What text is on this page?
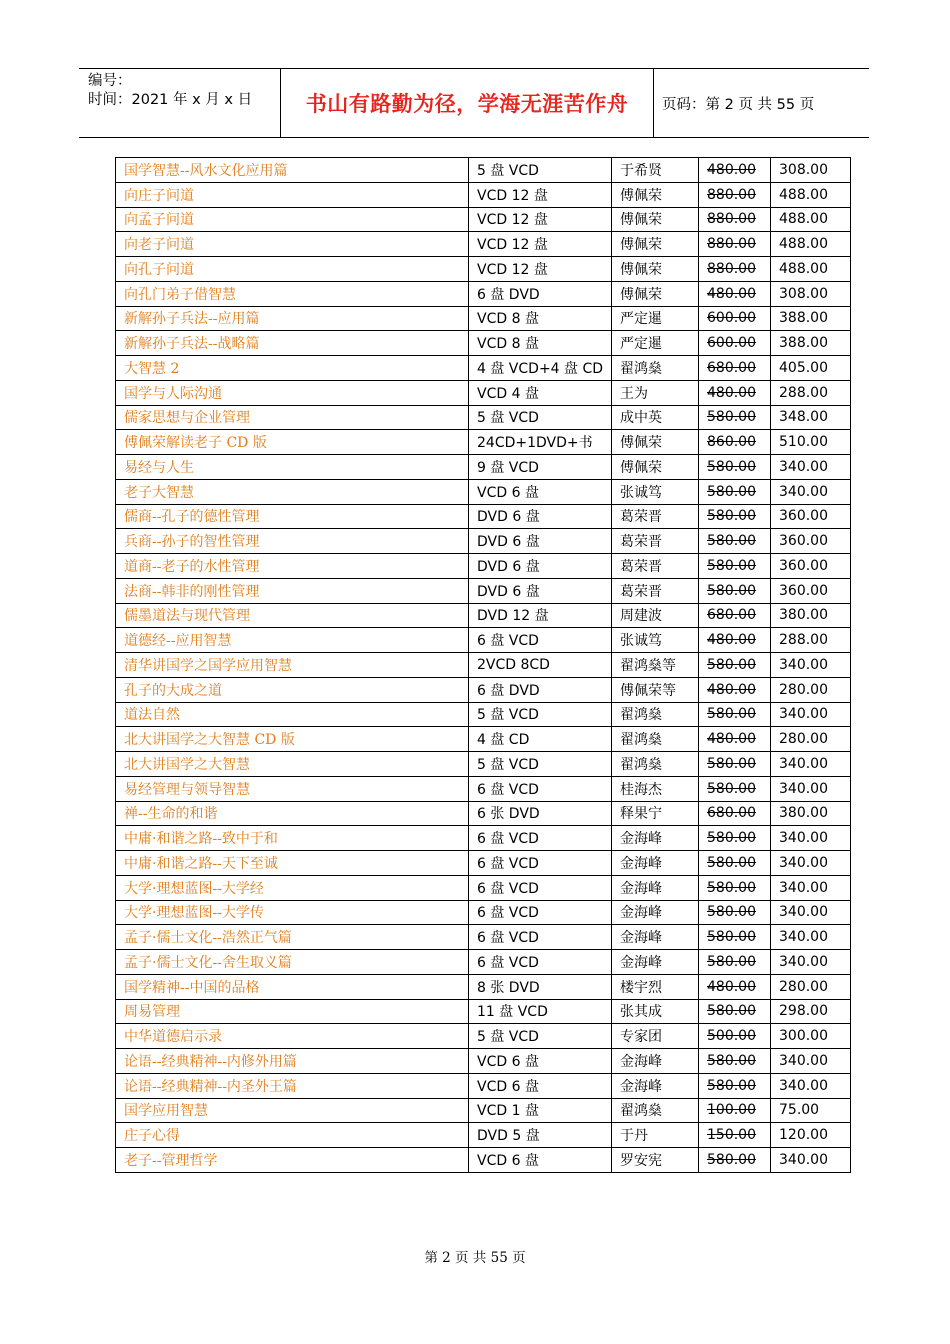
编号：
时间：2021 年 x 月 x 日	书山有路勤为径，学海无涯苦作舟	页码：第 2 页 共 55 页
国学智慧--风水文化应用篇	5 盘 VCD	于希贤	480.00	308.00
向庄子问道	VCD 12 盘	傅佩荣	880.00	488.00
向孟子问道	VCD 12 盘	傅佩荣	880.00	488.00
向老子问道	VCD 12 盘	傅佩荣	880.00	488.00
向孔子问道	VCD 12 盘	傅佩荣	880.00	488.00
向孔门弟子借智慧	6 盘 DVD	傅佩荣	480.00	308.00
新解孙子兵法--应用篇	VCD 8 盘	严定暹	600.00	388.00
新解孙子兵法--战略篇	VCD 8 盘	严定暹	600.00	388.00
大智慧 2	4 盘 VCD+4 盘 CD	翟鸿燊	680.00	405.00
国学与人际沟通	VCD 4 盘	王为	480.00	288.00
儒家思想与企业管理	5 盘 VCD	成中英	580.00	348.00
傅佩荣解读老子 CD 版	24CD+1DVD+书	傅佩荣	860.00	510.00
易经与人生	9 盘 VCD	傅佩荣	580.00	340.00
老子大智慧	VCD 6 盘	张诚笃	580.00	340.00
儒商--孔子的德性管理	DVD 6 盘	葛荣晋	580.00	360.00
兵商--孙子的智性管理	DVD 6 盘	葛荣晋	580.00	360.00
道商--老子的水性管理	DVD 6 盘	葛荣晋	580.00	360.00
法商--韩非的刚性管理	DVD 6 盘	葛荣晋	580.00	360.00
儒墨道法与现代管理	DVD 12 盘	周建波	680.00	380.00
道德经--应用智慧	6 盘 VCD	张诚笃	480.00	288.00
清华讲国学之国学应用智慧	2VCD 8CD	翟鸿燊等	580.00	340.00
孔子的大成之道	6 盘 DVD	傅佩荣等	480.00	280.00
道法自然	5 盘 VCD	翟鸿燊	580.00	340.00
北大讲国学之大智慧 CD 版	4 盘 CD	翟鸿燊	480.00	280.00
北大讲国学之大智慧	5 盘 VCD	翟鸿燊	580.00	340.00
易经管理与领导智慧	6 盘 VCD	桂海杰	580.00	340.00
禅--生命的和谐	6 张 DVD	释果宁	680.00	380.00
中庸·和谐之路--致中于和	6 盘 VCD	金海峰	580.00	340.00
中庸·和谐之路--天下至诚	6 盘 VCD	金海峰	580.00	340.00
大学·理想蓝图--大学经	6 盘 VCD	金海峰	580.00	340.00
大学·理想蓝图--大学传	6 盘 VCD	金海峰	580.00	340.00
孟子·儒士文化--浩然正气篇	6 盘 VCD	金海峰	580.00	340.00
孟子·儒士文化--舍生取义篇	6 盘 VCD	金海峰	580.00	340.00
国学精神--中国的品格	8 张 DVD	楼宇烈	480.00	280.00
周易管理	11 盘 VCD	张其成	580.00	298.00
中华道德启示录	5 盘 VCD	专家团	500.00	300.00
论语--经典精神--内修外用篇	VCD 6 盘	金海峰	580.00	340.00
论语--经典精神--内圣外王篇	VCD 6 盘	金海峰	580.00	340.00
国学应用智慧	VCD 1 盘	翟鸿燊	100.00	75.00
庄子心得	DVD 5 盘	于丹	150.00	120.00
老子--管理哲学	VCD 6 盘	罗安宪	580.00	340.00
第 2 页 共 55 页
